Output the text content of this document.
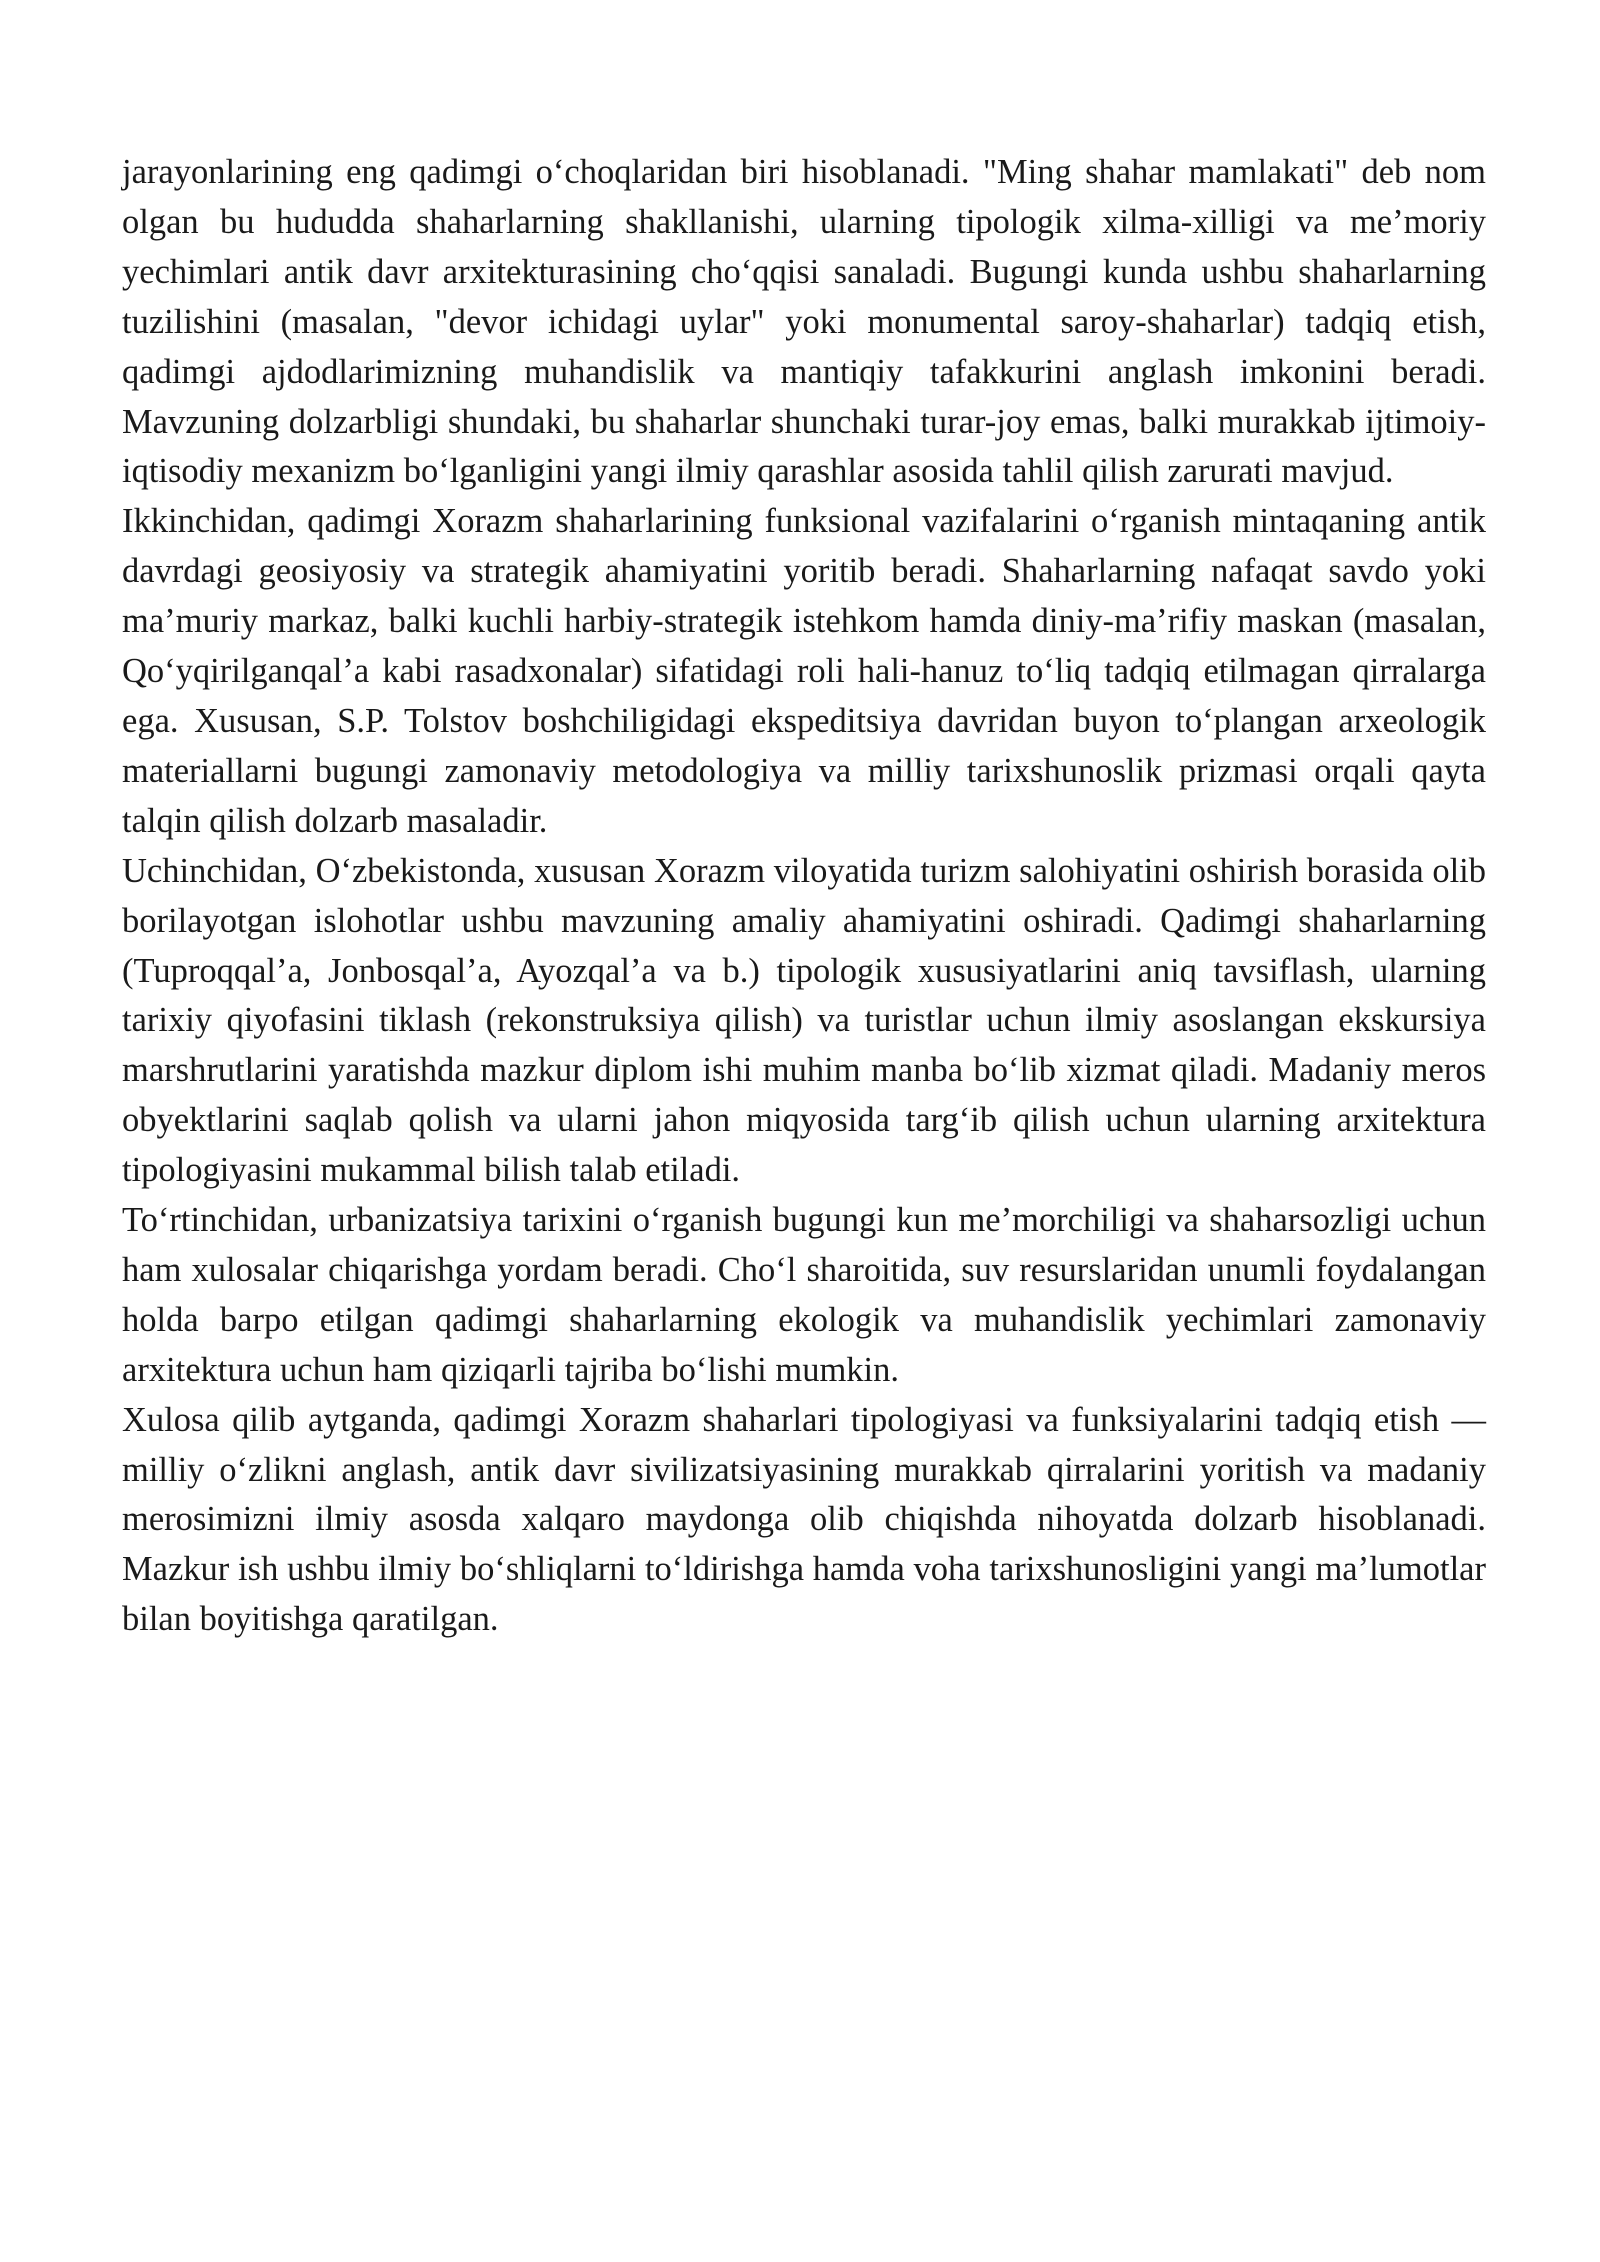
jarayonlarining eng qadimgi o‘choqlaridan biri hisoblanadi. "Ming shahar mamlakati" deb nom olgan bu hududda shaharlarning shakllanishi, ularning tipologik xilma-xilligi va me’moriy yechimlari antik davr arxitekturasining cho‘qqisi sanaladi. Bugungi kunda ushbu shaharlarning tuzilishini (masalan, "devor ichidagi uylar" yoki monumental saroy-shaharlar) tadqiq etish, qadimgi ajdodlarimizning muhandislik va mantiqiy tafakkurini anglash imkonini beradi. Mavzuning dolzarbligi shundaki, bu shaharlar shunchaki turar-joy emas, balki murakkab ijtimoiy-iqtisodiy mexanizm bo‘lganligini yangi ilmiy qarashlar asosida tahlil qilish zarurati mavjud.

Ikkinchidan, qadimgi Xorazm shaharlarining funksional vazifalarini o‘rganish mintaqaning antik davrdagi geosiyosiy va strategik ahamiyatini yoritib beradi. Shaharlarning nafaqat savdo yoki ma’muriy markaz, balki kuchli harbiy-strategik istehkom hamda diniy-ma’rifiy maskan (masalan, Qo‘yqirilganqal’a kabi rasadxonalar) sifatidagi roli hali-hanuz to‘liq tadqiq etilmagan qirralarga ega. Xususan, S.P. Tolstov boshchiligidagi ekspeditsiya davridan buyon to‘plangan arxeologik materiallarni bugungi zamonaviy metodologiya va milliy tarixshunoslik prizmasi orqali qayta talqin qilish dolzarb masaladir.

Uchinchidan, O‘zbekistonda, xususan Xorazm viloyatida turizm salohiyatini oshirish borasida olib borilayotgan islohotlar ushbu mavzuning amaliy ahamiyatini oshiradi. Qadimgi shaharlarning (Tuproqqal’a, Jonbosqal’a, Ayozqal’a va b.) tipologik xususiyatlarini aniq tavsiflash, ularning tarixiy qiyofasini tiklash (rekonstruksiya qilish) va turistlar uchun ilmiy asoslangan ekskursiya marshrutlarini yaratishda mazkur diplom ishi muhim manba bo‘lib xizmat qiladi. Madaniy meros obyektlarini saqlab qolish va ularni jahon miqyosida targ‘ib qilish uchun ularning arxitektura tipologiyasini mukammal bilish talab etiladi.

To‘rtinchidan, urbanizatsiya tarixini o‘rganish bugungi kun me’morchiligi va shaharsozligi uchun ham xulosalar chiqarishga yordam beradi. Cho‘l sharoitida, suv resurslaridan unumli foydalangan holda barpo etilgan qadimgi shaharlarning ekologik va muhandislik yechimlari zamonaviy arxitektura uchun ham qiziqarli tajriba bo‘lishi mumkin.

Xulosa qilib aytganda, qadimgi Xorazm shaharlari tipologiyasi va funksiyalarini tadqiq etish — milliy o‘zlikni anglash, antik davr sivilizatsiyasining murakkab qirralarini yoritish va madaniy merosimizni ilmiy asosda xalqaro maydonga olib chiqishda nihoyatda dolzarb hisoblanadi. Mazkur ish ushbu ilmiy bo‘shliqlarni to‘ldirishga hamda voha tarixshunosligini yangi ma’lumotlar bilan boyitishga qaratilgan.
